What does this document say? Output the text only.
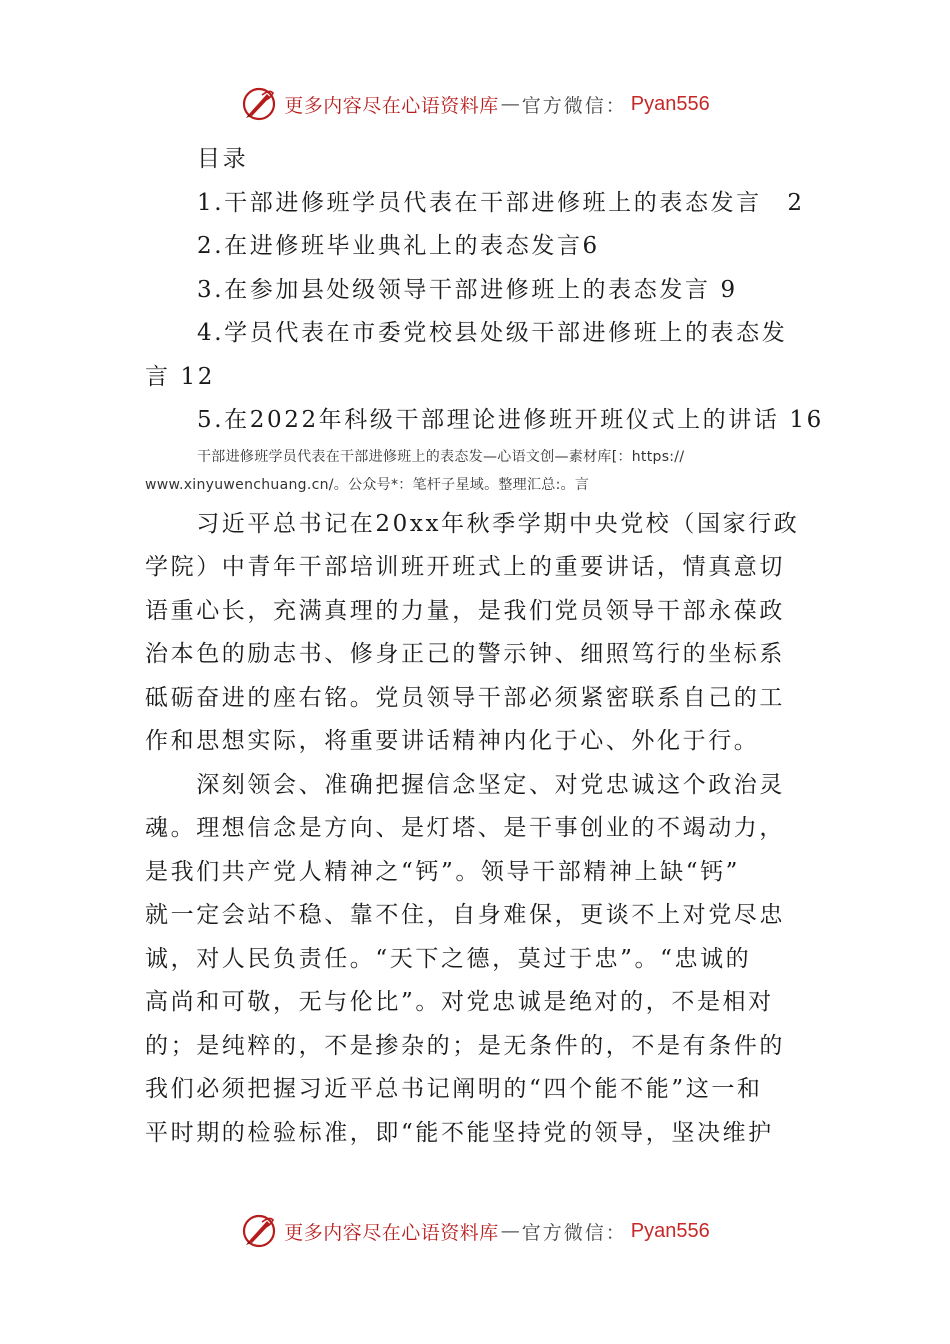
更多内容尽在心语资料库 — 官方微信： Pyan556

目录

1.干部进修班学员代表在干部进修班上的表态发言　2

2.在进修班毕业典礼上的表态发言6

3.在参加县处级领导干部进修班上的表态发言 9

4.学员代表在市委党校县处级干部进修班上的表态发

言 12

5.在2022年科级干部理论进修班开班仪式上的讲话 16

干部进修班学员代表在干部进修班上的表态发—心语文创—素材库[：https://

www.xinyuwenchuang.cn/。公众号*：笔杆子星域。整理汇总:。言

　　习近平总书记在20xx年秋季学期中央党校（国家行政

学院）中青年干部培训班开班式上的重要讲话，情真意切

语重心长，充满真理的力量，是我们党员领导干部永葆政

治本色的励志书、修身正己的警示钟、细照笃行的坐标系

砥砺奋进的座右铭。党员领导干部必须紧密联系自己的工

作和思想实际，将重要讲话精神内化于心、外化于行。

　　深刻领会、准确把握信念坚定、对党忠诚这个政治灵

魂。理想信念是方向、是灯塔、是干事创业的不竭动力，

是我们共产党人精神之“钙”。领导干部精神上缺“钙”

就一定会站不稳、靠不住，自身难保，更谈不上对党尽忠

诚，对人民负责任。“天下之德，莫过于忠”。“忠诚的

高尚和可敬，无与伦比”。对党忠诚是绝对的，不是相对

的；是纯粹的，不是掺杂的；是无条件的，不是有条件的

我们必须把握习近平总书记阐明的“四个能不能”这一和

平时期的检验标准，即“能不能坚持党的领导，坚决维护

更多内容尽在心语资料库 — 官方微信： Pyan556
